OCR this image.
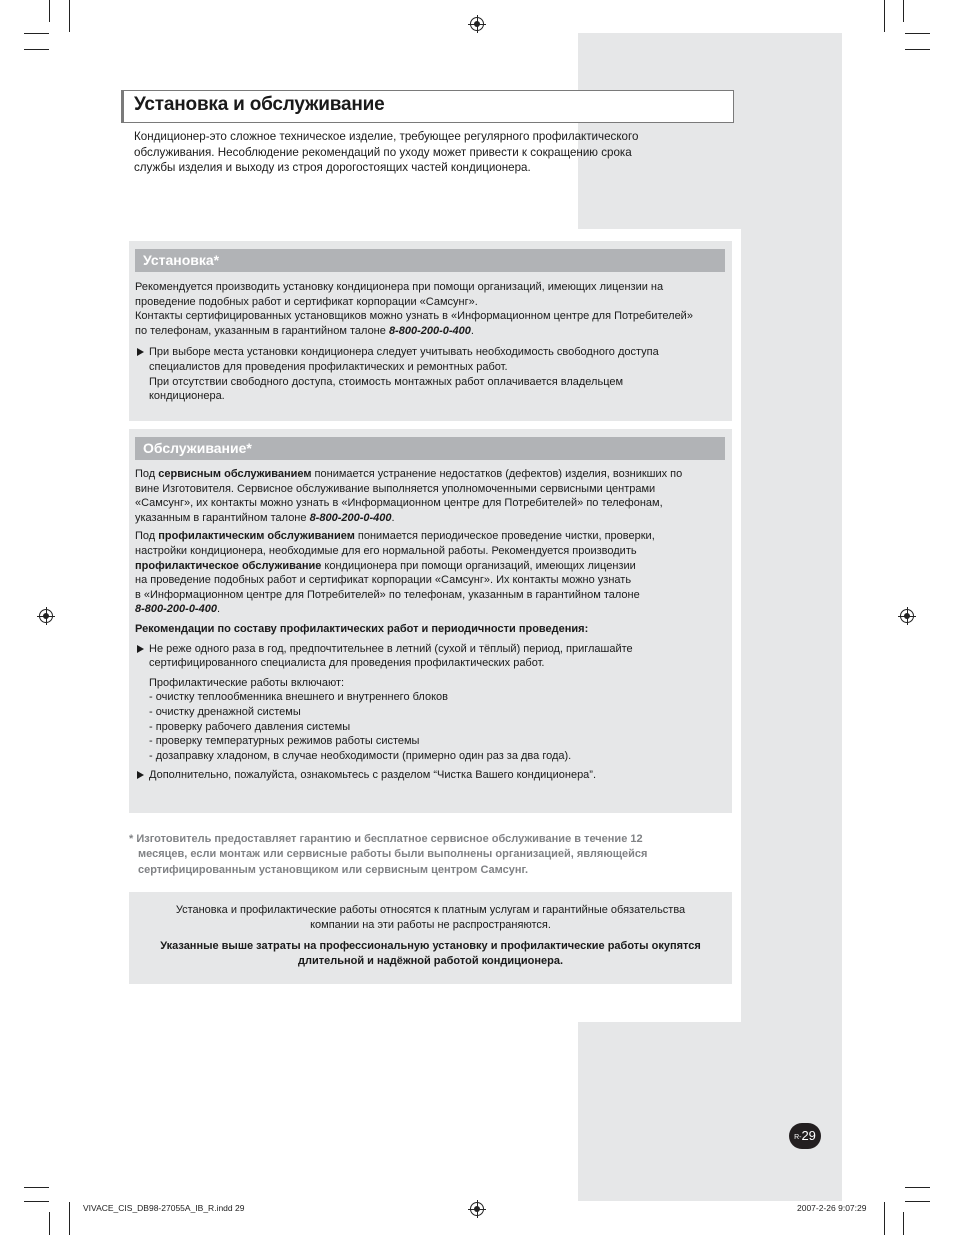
Установка и обслуживание
Кондиционер-это сложное техническое изделие, требующее регулярного профилактического
обслуживания. Несоблюдение рекомендаций по уходу может привести к сокращению срока
службы изделия и выходу из строя дорогостоящих частей кондиционера.
Установка*
Рекомендуется производить установку кондиционера при помощи организаций, имеющих лицензии на
проведение подобных работ и сертификат корпорации «Самсунг».
Контакты сертифицированных установщиков можно узнать в «Информационном центре для Потребителей»
по телефонам, указанным в гарантийном талоне 8-800-200-0-400.
При выборе места установки кондиционера следует учитывать необходимость свободного доступа
специалистов для проведения профилактических и ремонтных работ.
При отсутствии свободного доступа, стоимость монтажных работ оплачивается владельцем
кондиционера.
Обслуживание*
Под сервисным обслуживанием понимается устранение недостатков (дефектов) изделия, возникших по
вине Изготовителя. Сервисное обслуживание выполняется уполномоченными сервисными центрами
«Самсунг», их контакты можно узнать в «Информационном центре для Потребителей» по телефонам,
указанным в гарантийном талоне 8-800-200-0-400.
Под профилактическим обслуживанием понимается периодическое проведение чистки, проверки,
настройки кондиционера, необходимые для его нормальной работы. Рекомендуется производить
профилактическое обслуживание кондиционера при помощи организаций, имеющих лицензии
на проведение подобных работ и сертификат корпорации «Самсунг». Их контакты можно узнать
в «Информационном центре для Потребителей» по телефонам, указанным в гарантийном талоне
8-800-200-0-400.
Рекомендации по составу профилактических работ и периодичности проведения:
Не реже одного раза в год, предпочтительнее в летний (сухой и тёплый) период, приглашайте
сертифицированного специалиста для проведения профилактических работ.
Профилактические работы включают:
- очистку теплообменника внешнего и внутреннего блоков
- очистку дренажной системы
- проверку рабочего давления системы
- проверку температурных режимов работы системы
- дозаправку хладоном, в случае необходимости (примерно один раз за два года).
Дополнительно, пожалуйста, ознакомьтесь с разделом “Чистка Вашего кондиционера”.
* Изготовитель предоставляет гарантию и бесплатное сервисное обслуживание в течение 12
месяцев, если монтаж или сервисные работы были выполнены организацией, являющейся
сертифицированным установщиком или сервисным центром Самсунг.
Установка и профилактические работы относятся к платным услугам и гарантийные обязательства
компании на эти работы не распространяются.
Указанные выше затраты на профессиональную установку и профилактические работы окупятся
длительной и надёжной работой кондиционера.
R-29
VIVACE_CIS_DB98-27055A_IB_R.indd 29	2007-2-26 9:07:29
